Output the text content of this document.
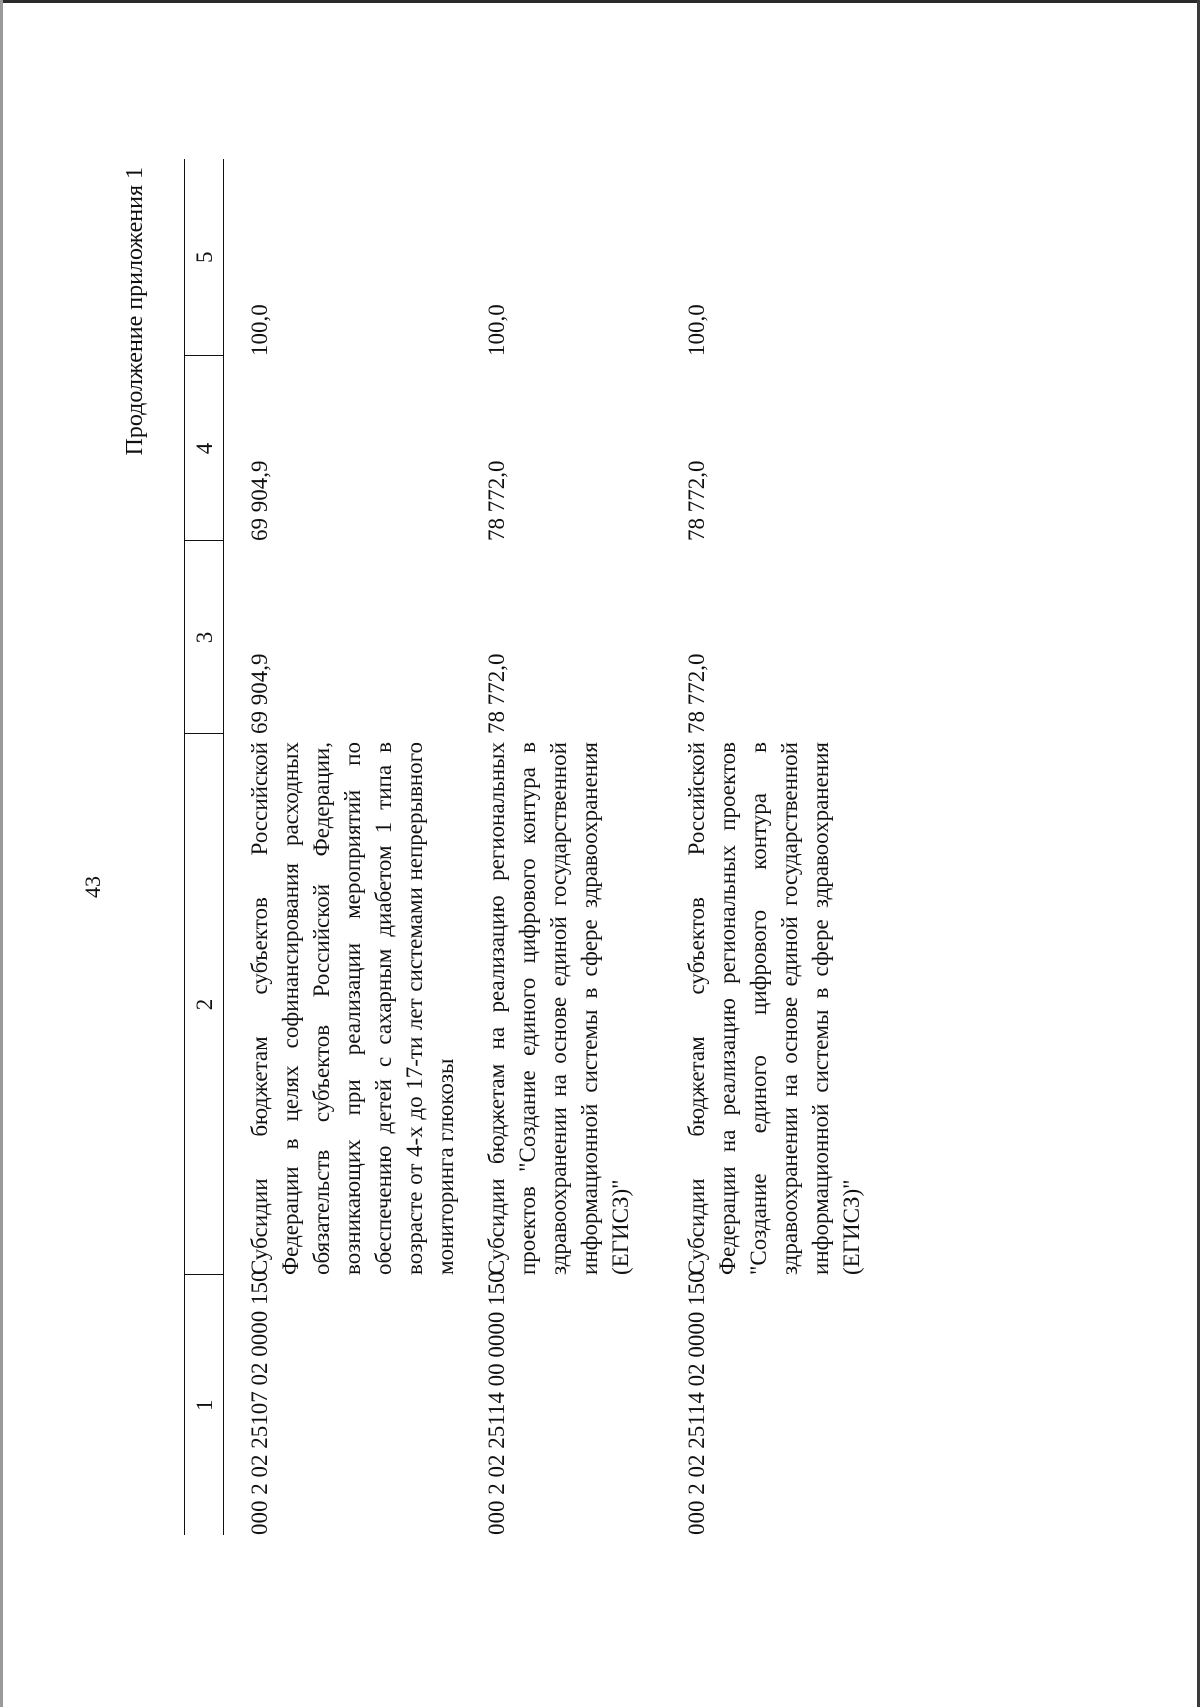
43
Продолжение приложения 1
1	2	3	4	5
000 2 02 25107 02 0000 150	Субсидии бюджетам субъектов Российской Федерации в целях софинансирования расходных обязательств субъектов Российской Федерации, возникающих при реализации мероприятий по обеспечению детей с сахарным диабетом 1 типа в возрасте от 4-х до 17-ти лет системами непрерывного мониторинга глюкозы	69 904,9	69 904,9	100,0
000 2 02 25114 00 0000 150	Субсидии бюджетам на реализацию региональных проектов "Создание единого цифрового контура в здравоохранении на основе единой государственной информационной системы в сфере здравоохранения (ЕГИСЗ)"	78 772,0	78 772,0	100,0
000 2 02 25114 02 0000 150	Субсидии бюджетам субъектов Российской Федерации на реализацию региональных проектов "Создание единого цифрового контура в здравоохранении на основе единой государственной информационной системы в сфере здравоохранения (ЕГИСЗ)"	78 772,0	78 772,0	100,0
